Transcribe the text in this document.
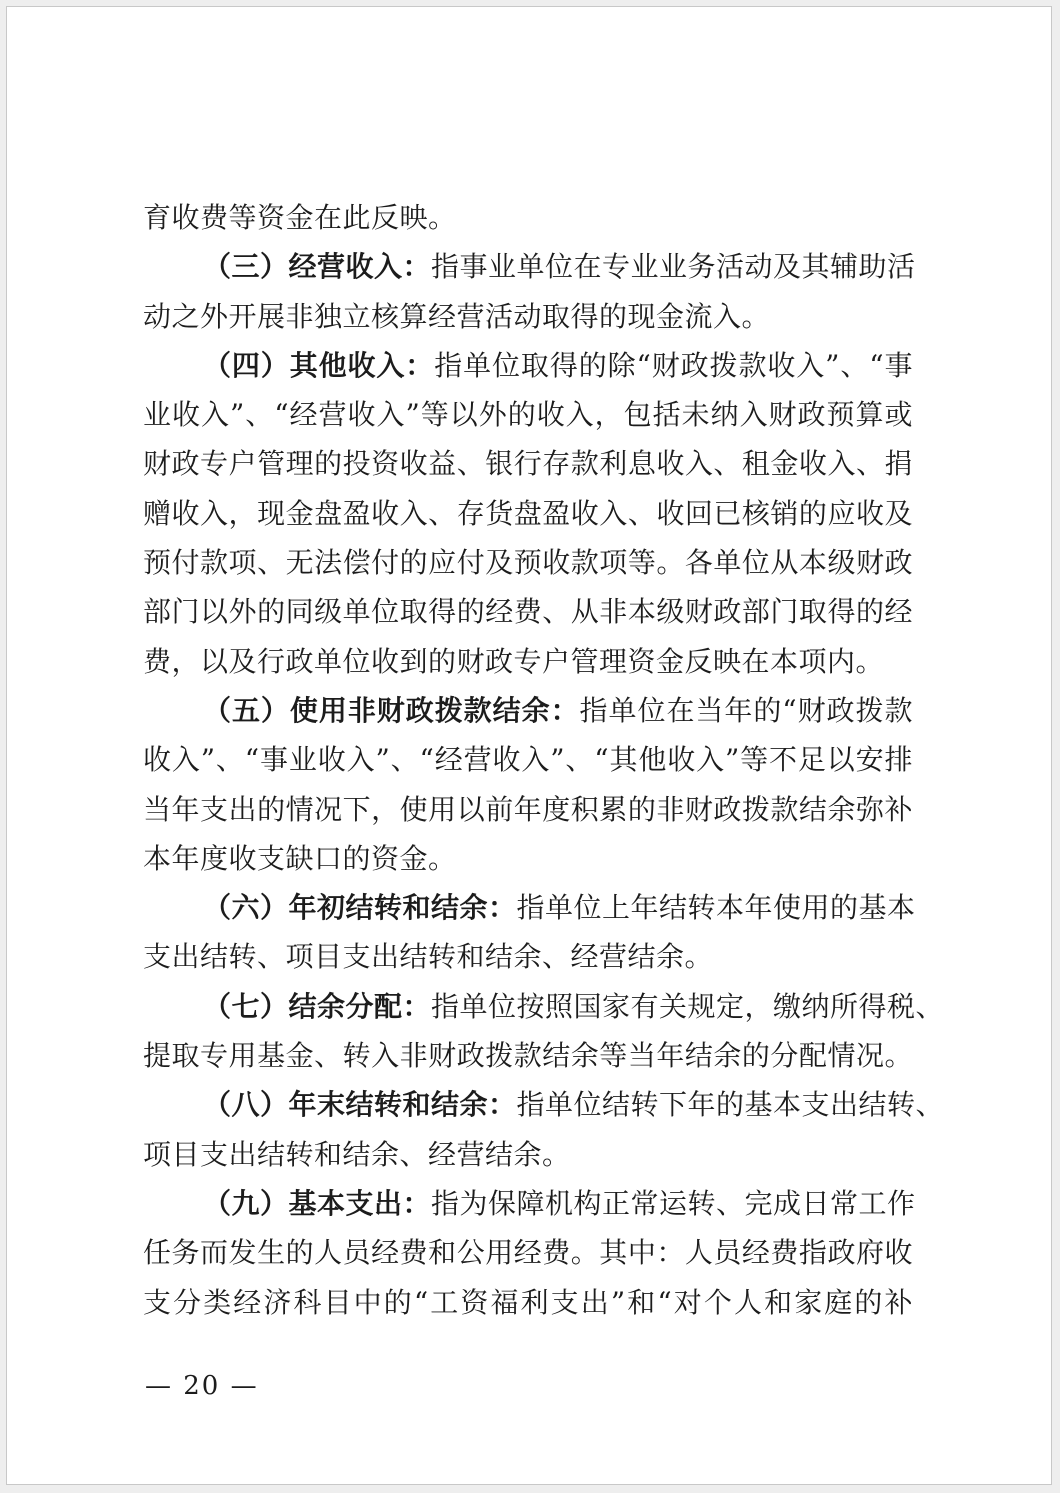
育收费等资金在此反映。
（三）经营收入：指事业单位在专业业务活动及其辅助活
动之外开展非独立核算经营活动取得的现金流入。
（四）其他收入：指单位取得的除“财政拨款收入”、“事
业收入”、“经营收入”等以外的收入，包括未纳入财政预算或
财政专户管理的投资收益、银行存款利息收入、租金收入、捐
赠收入，现金盘盈收入、存货盘盈收入、收回已核销的应收及
预付款项、无法偿付的应付及预收款项等。各单位从本级财政
部门以外的同级单位取得的经费、从非本级财政部门取得的经
费，以及行政单位收到的财政专户管理资金反映在本项内。
（五）使用非财政拨款结余：指单位在当年的“财政拨款
收入”、“事业收入”、“经营收入”、“其他收入”等不足以安排
当年支出的情况下，使用以前年度积累的非财政拨款结余弥补
本年度收支缺口的资金。
（六）年初结转和结余：指单位上年结转本年使用的基本
支出结转、项目支出结转和结余、经营结余。
（七）结余分配：指单位按照国家有关规定，缴纳所得税、
提取专用基金、转入非财政拨款结余等当年结余的分配情况。
（八）年末结转和结余：指单位结转下年的基本支出结转、
项目支出结转和结余、经营结余。
（九）基本支出：指为保障机构正常运转、完成日常工作
任务而发生的人员经费和公用经费。其中：人员经费指政府收
支分类经济科目中的“工资福利支出”和“对个人和家庭的补
— 20 —
